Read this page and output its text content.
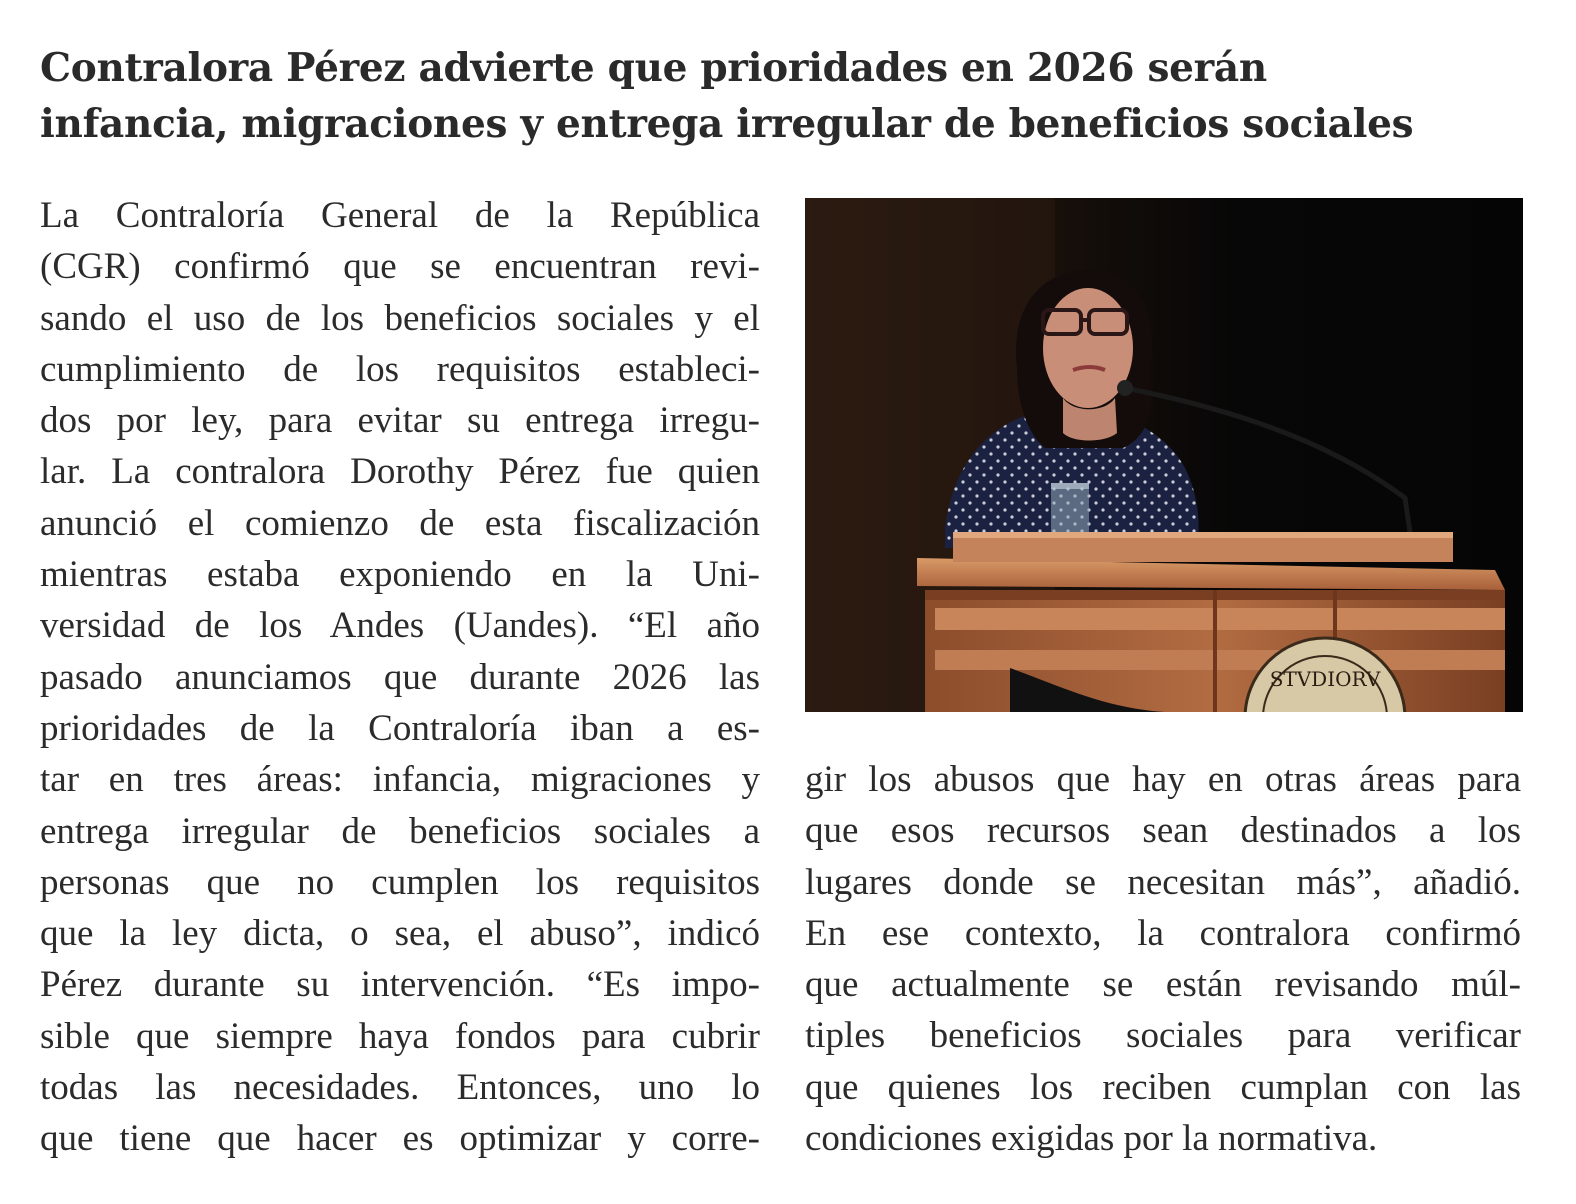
Contralora Pérez advierte que prioridades en 2026 serán
infancia, migraciones y entrega irregular de beneficios sociales
La Contraloría General de la República
(CGR) confirmó que se encuentran revi-
sando el uso de los beneficios sociales y el
cumplimiento de los requisitos estableci-
dos por ley, para evitar su entrega irregu-
lar. La contralora Dorothy Pérez fue quien
anunció el comienzo de esta fiscalización
mientras estaba exponiendo en la Uni-
versidad de los Andes (Uandes). “El año
pasado anunciamos que durante 2026 las
prioridades de la Contraloría iban a es-
tar en tres áreas: infancia, migraciones y
entrega irregular de beneficios sociales a
personas que no cumplen los requisitos
que la ley dicta, o sea, el abuso”, indicó
Pérez durante su intervención. “Es impo-
sible que siempre haya fondos para cubrir
todas las necesidades. Entonces, uno lo
que tiene que hacer es optimizar y corre-
STVDIORV
gir los abusos que hay en otras áreas para
que esos recursos sean destinados a los
lugares donde se necesitan más”, añadió.
En ese contexto, la contralora confirmó
que actualmente se están revisando múl-
tiples beneficios sociales para verificar
que quienes los reciben cumplan con las
condiciones exigidas por la normativa.
